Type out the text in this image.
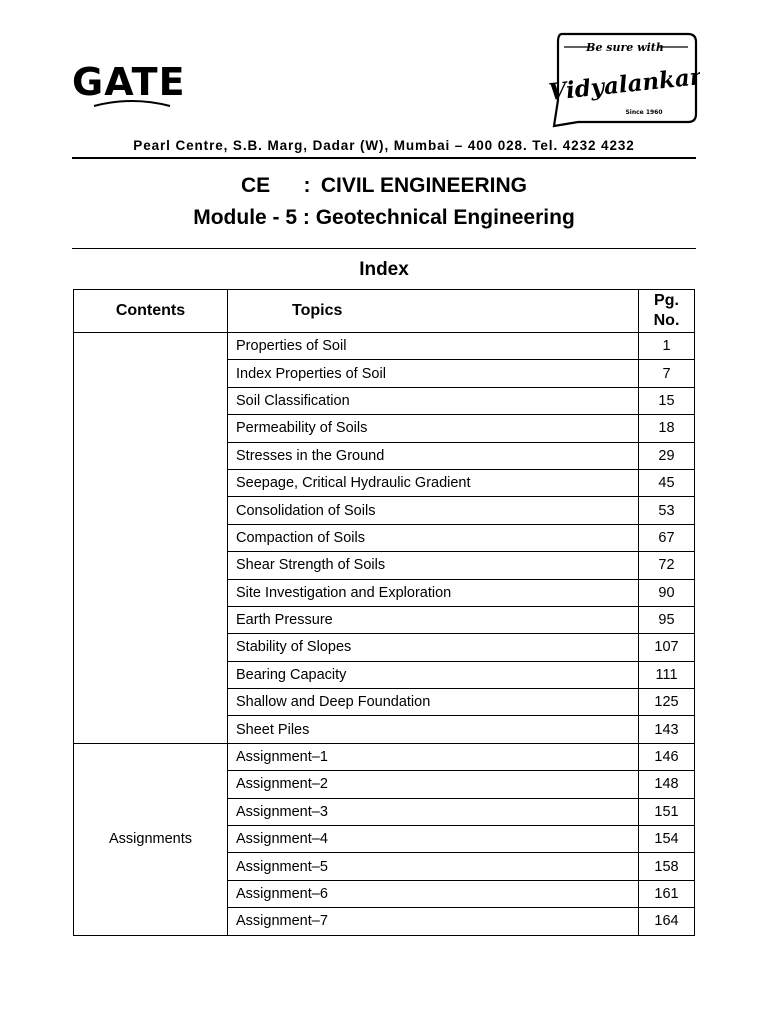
GATE
Be sure with
Vidyalankar
Since 1960
Pearl Centre, S.B. Marg, Dadar (W), Mumbai – 400 028. Tel. 4232 4232
CE : CIVIL ENGINEERING
Module - 5 : Geotechnical Engineering
Index
Contents	Topics	Pg.
No.

	Properties of Soil	1
	Index Properties of Soil	7
	Soil Classification	15
	Permeability of Soils	18
	Stresses in the Ground	29
	Seepage, Critical Hydraulic Gradient	45
	Consolidation of Soils	53
	Compaction of Soils	67
	Shear Strength of Soils	72
	Site Investigation and Exploration	90
	Earth Pressure	95
	Stability of Slopes	107
	Bearing Capacity	111
	Shallow and Deep Foundation	125
	Sheet Piles	143
Assignments	Assignment–1	146
	Assignment–2	148
	Assignment–3	151
	Assignment–4	154
	Assignment–5	158
	Assignment–6	161
	Assignment–7	164
